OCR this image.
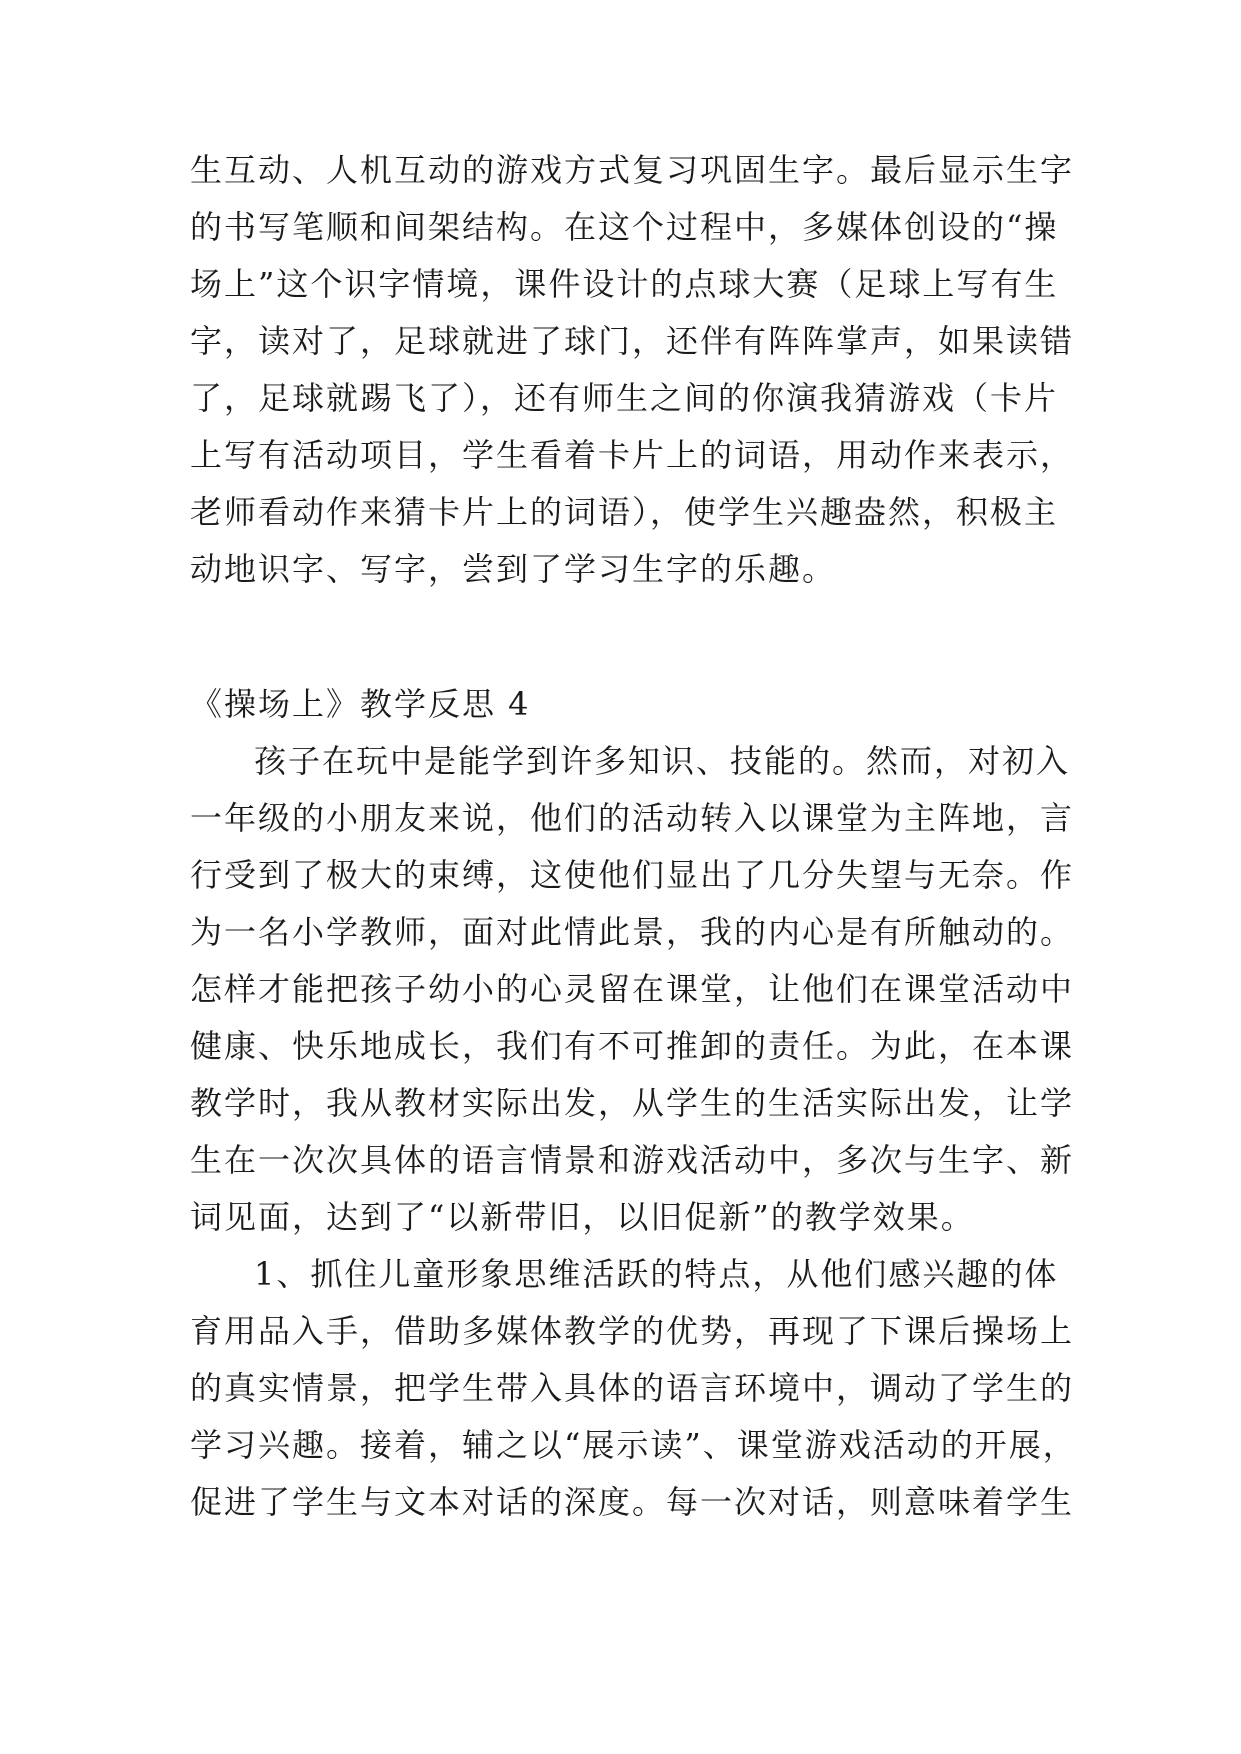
生互动、人机互动的游戏方式复习巩固生字。最后显示生字
的书写笔顺和间架结构。在这个过程中，多媒体创设的“操
场上”这个识字情境，课件设计的点球大赛（足球上写有生
字，读对了，足球就进了球门，还伴有阵阵掌声，如果读错
了，足球就踢飞了），还有师生之间的你演我猜游戏（卡片
上写有活动项目，学生看着卡片上的词语，用动作来表示，
老师看动作来猜卡片上的词语），使学生兴趣盎然，积极主
动地识字、写字，尝到了学习生字的乐趣。
《操场上》教学反思 4
孩子在玩中是能学到许多知识、技能的。然而，对初入
一年级的小朋友来说，他们的活动转入以课堂为主阵地，言
行受到了极大的束缚，这使他们显出了几分失望与无奈。作
为一名小学教师，面对此情此景，我的内心是有所触动的。
怎样才能把孩子幼小的心灵留在课堂，让他们在课堂活动中
健康、快乐地成长，我们有不可推卸的责任。为此，在本课
教学时，我从教材实际出发，从学生的生活实际出发，让学
生在一次次具体的语言情景和游戏活动中，多次与生字、新
词见面，达到了“以新带旧，以旧促新”的教学效果。
1、抓住儿童形象思维活跃的特点，从他们感兴趣的体
育用品入手，借助多媒体教学的优势，再现了下课后操场上
的真实情景，把学生带入具体的语言环境中，调动了学生的
学习兴趣。接着，辅之以“展示读”、课堂游戏活动的开展，
促进了学生与文本对话的深度。每一次对话，则意味着学生
